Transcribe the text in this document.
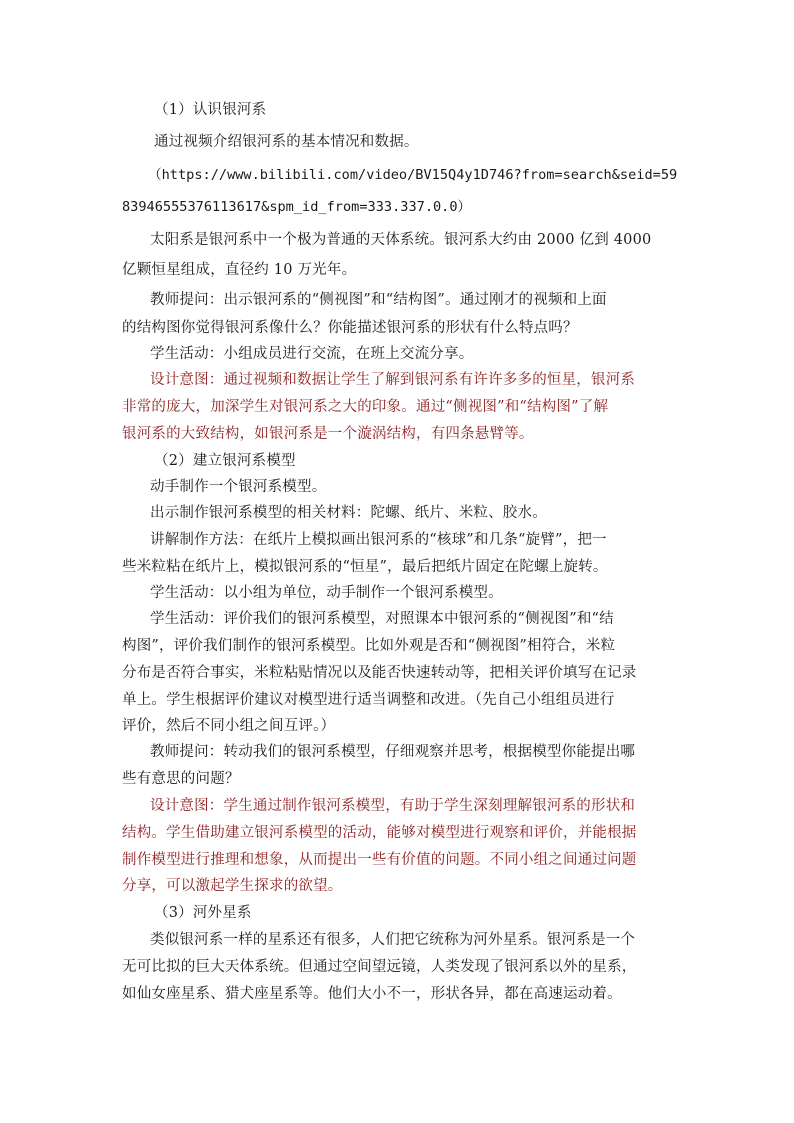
（1）认识银河系
通过视频介绍银河系的基本情况和数据。
（https://www.bilibili.com/video/BV15Q4y1D746?from=search&seid=59
83946555376113617&spm_id_from=333.337.0.0）
太阳系是银河系中一个极为普通的天体系统。银河系大约由 2000 亿到 4000
亿颗恒星组成，直径约 10 万光年。
教师提问：出示银河系的“侧视图”和“结构图”。通过刚才的视频和上面
的结构图你觉得银河系像什么？你能描述银河系的形状有什么特点吗？
学生活动：小组成员进行交流，在班上交流分享。
设计意图：通过视频和数据让学生了解到银河系有许许多多的恒星，银河系
非常的庞大，加深学生对银河系之大的印象。通过“侧视图”和“结构图”了解
银河系的大致结构，如银河系是一个漩涡结构，有四条悬臂等。
（2）建立银河系模型
动手制作一个银河系模型。
出示制作银河系模型的相关材料：陀螺、纸片、米粒、胶水。
讲解制作方法：在纸片上模拟画出银河系的“核球”和几条“旋臂”，把一
些米粒粘在纸片上，模拟银河系的“恒星”，最后把纸片固定在陀螺上旋转。
学生活动：以小组为单位，动手制作一个银河系模型。
学生活动：评价我们的银河系模型，对照课本中银河系的“侧视图”和“结
构图”，评价我们制作的银河系模型。比如外观是否和“侧视图”相符合，米粒
分布是否符合事实，米粒粘贴情况以及能否快速转动等，把相关评价填写在记录
单上。学生根据评价建议对模型进行适当调整和改进。（先自己小组组员进行
评价，然后不同小组之间互评。）
教师提问：转动我们的银河系模型，仔细观察并思考，根据模型你能提出哪
些有意思的问题？
设计意图：学生通过制作银河系模型，有助于学生深刻理解银河系的形状和
结构。学生借助建立银河系模型的活动，能够对模型进行观察和评价，并能根据
制作模型进行推理和想象，从而提出一些有价值的问题。不同小组之间通过问题
分享，可以激起学生探求的欲望。
（3）河外星系
类似银河系一样的星系还有很多，人们把它统称为河外星系。银河系是一个
无可比拟的巨大天体系统。但通过空间望远镜，人类发现了银河系以外的星系，
如仙女座星系、猎犬座星系等。他们大小不一，形状各异，都在高速运动着。
